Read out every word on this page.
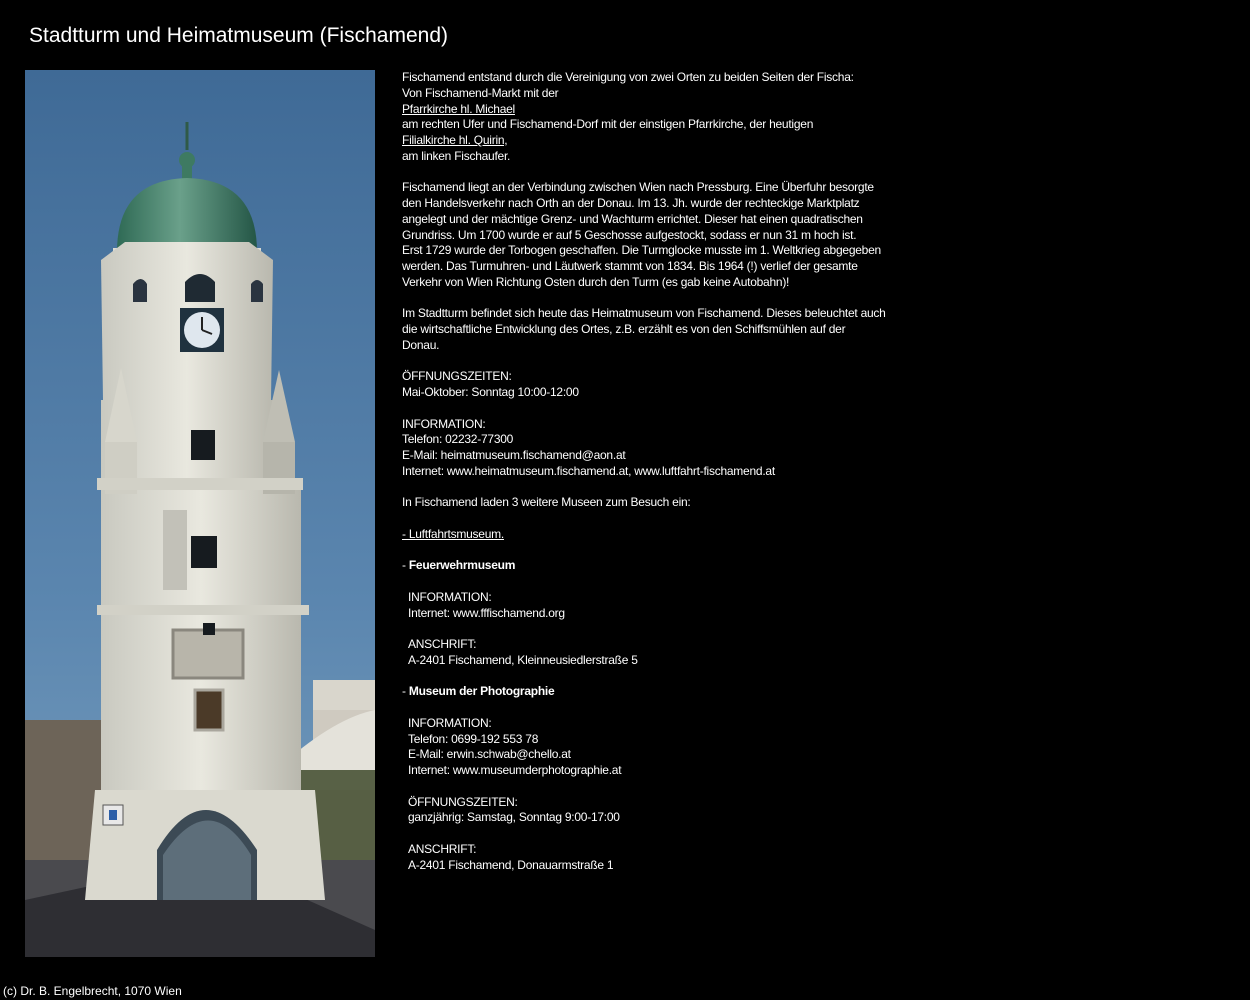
Stadtturm und Heimatmuseum (Fischamend)

Fischamend entstand durch die Vereinigung von zwei Orten zu beiden Seiten der Fischa:

Von Fischamend-Markt mit der

Pfarrkirche hl. Michael

am rechten Ufer und Fischamend-Dorf mit der einstigen Pfarrkirche, der heutigen

Filialkirche hl. Quirin,

am linken Fischaufer.

Fischamend liegt an der Verbindung zwischen Wien nach Pressburg. Eine Überfuhr besorgte

den Handelsverkehr nach Orth an der Donau. Im 13. Jh. wurde der rechteckige Marktplatz

angelegt und der mächtige Grenz- und Wachturm errichtet. Dieser hat einen quadratischen

Grundriss. Um 1700 wurde er auf 5 Geschosse aufgestockt, sodass er nun 31 m hoch ist.

Erst 1729 wurde der Torbogen geschaffen. Die Turmglocke musste im 1. Weltkrieg abgegeben

werden. Das Turmuhren- und Läutwerk stammt von 1834. Bis 1964 (!) verlief der gesamte

Verkehr von Wien Richtung Osten durch den Turm (es gab keine Autobahn)!

Im Stadtturm befindet sich heute das Heimatmuseum von Fischamend. Dieses beleuchtet auch

die wirtschaftliche Entwicklung des Ortes, z.B. erzählt es von den Schiffsmühlen auf der

Donau.

ÖFFNUNGSZEITEN:

Mai-Oktober: Sonntag 10:00-12:00

INFORMATION:

Telefon: 02232-77300

E-Mail: heimatmuseum.fischamend@aon.at

Internet: www.heimatmuseum.fischamend.at, www.luftfahrt-fischamend.at

In Fischamend laden 3 weitere Museen zum Besuch ein:

- Luftfahrtsmuseum.

- Feuerwehrmuseum

INFORMATION:

Internet: www.fffischamend.org

ANSCHRIFT:

A-2401 Fischamend, Kleinneusiedlerstraße 5

- Museum der Photographie

INFORMATION:

Telefon: 0699-192 553 78

E-Mail: erwin.schwab@chello.at

Internet: www.museumderphotographie.at

ÖFFNUNGSZEITEN:

ganzjährig: Samstag, Sonntag 9:00-17:00

ANSCHRIFT:

A-2401 Fischamend, Donauarmstraße 1

(c) Dr. B. Engelbrecht, 1070 Wien
